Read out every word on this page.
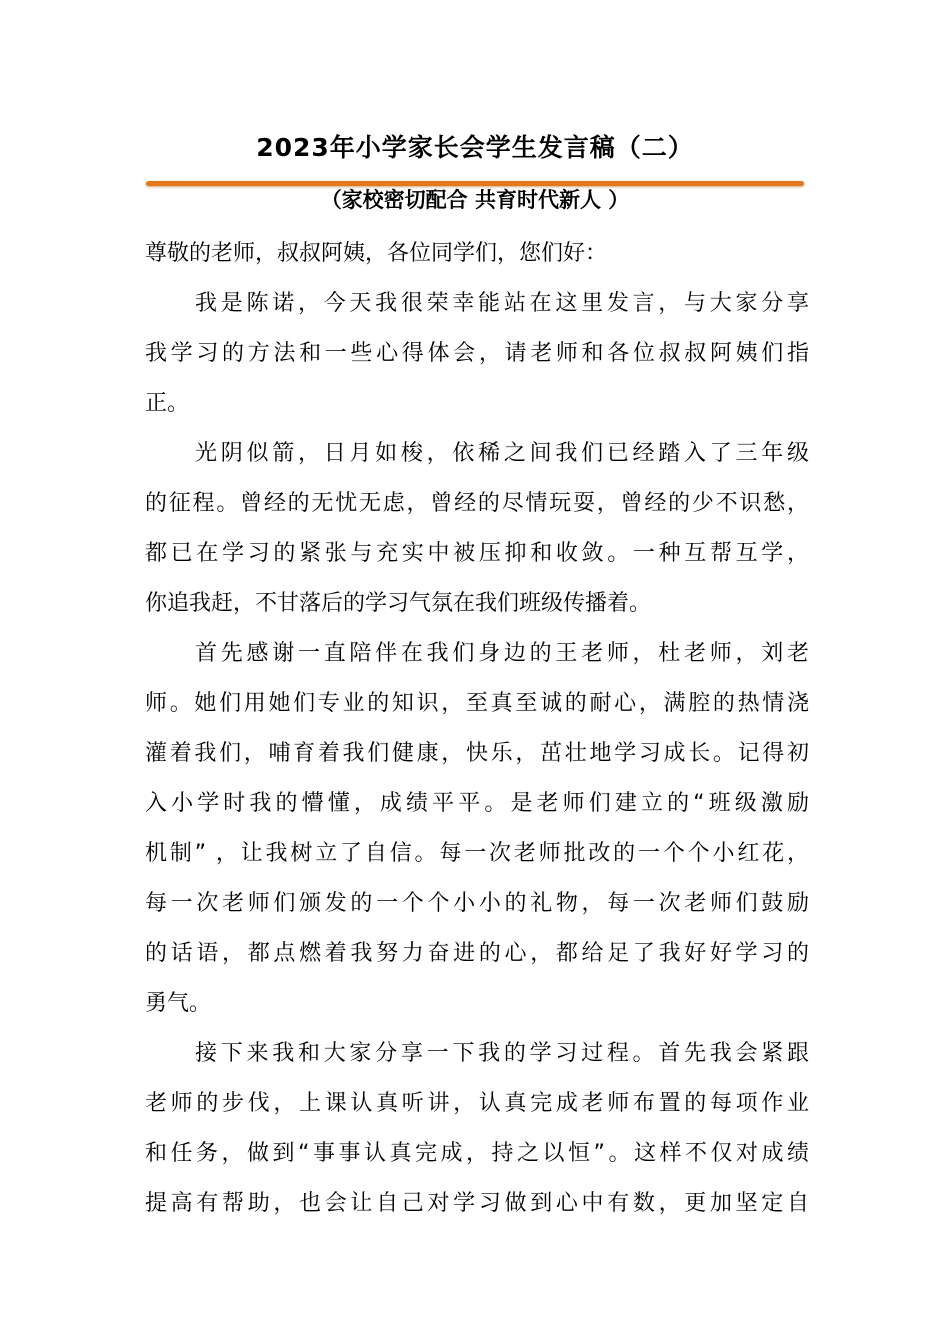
2023年小学家长会学生发言稿（二）
（家校密切配合 共育时代新人 ）
尊敬的老师，叔叔阿姨，各位同学们，您们好：
我是陈诺，今天我很荣幸能站在这里发言，与大家分享
我学习的方法和一些心得体会，请老师和各位叔叔阿姨们指
正。
光阴似箭，日月如梭，依稀之间我们已经踏入了三年级
的征程。曾经的无忧无虑，曾经的尽情玩耍，曾经的少不识愁，
都已在学习的紧张与充实中被压抑和收敛。一种互帮互学，
你追我赶，不甘落后的学习气氛在我们班级传播着。
首先感谢一直陪伴在我们身边的王老师，杜老师，刘老
师。她们用她们专业的知识，至真至诚的耐心，满腔的热情浇
灌着我们，哺育着我们健康，快乐，茁壮地学习成长。记得初
入小学时我的懵懂，成绩平平。是老师们建立的“班级激励
机制” ，让我树立了自信。每一次老师批改的一个个小红花，
每一次老师们颁发的一个个小小的礼物，每一次老师们鼓励
的话语，都点燃着我努力奋进的心，都给足了我好好学习的
勇气。
接下来我和大家分享一下我的学习过程。首先我会紧跟
老师的步伐，上课认真听讲，认真完成老师布置的每项作业
和任务，做到“事事认真完成，持之以恒”。这样不仅对成绩
提高有帮助，也会让自己对学习做到心中有数，更加坚定自
